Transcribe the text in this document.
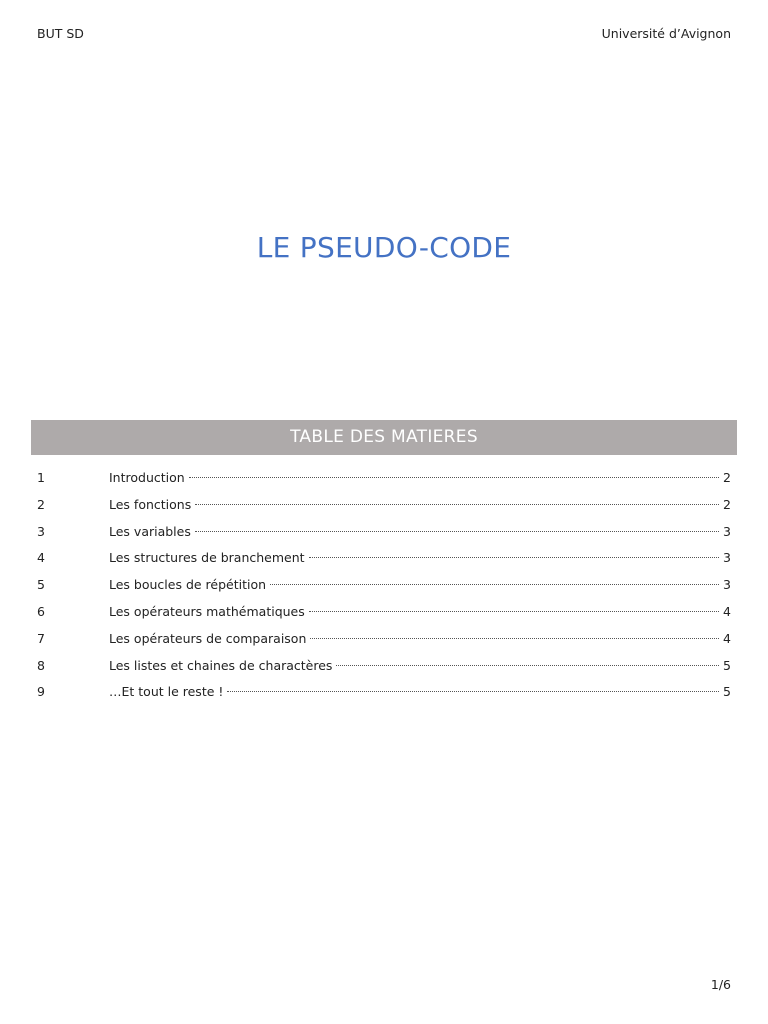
BUT SD	Université d’Avignon
LE PSEUDO-CODE
TABLE DES MATIERES
1	Introduction	2
2	Les fonctions	2
3	Les variables	3
4	Les structures de branchement	3
5	Les boucles de répétition	3
6	Les opérateurs mathématiques	4
7	Les opérateurs de comparaison	4
8	Les listes et chaines de charactères	5
9	…Et tout le reste !	5
1/6
